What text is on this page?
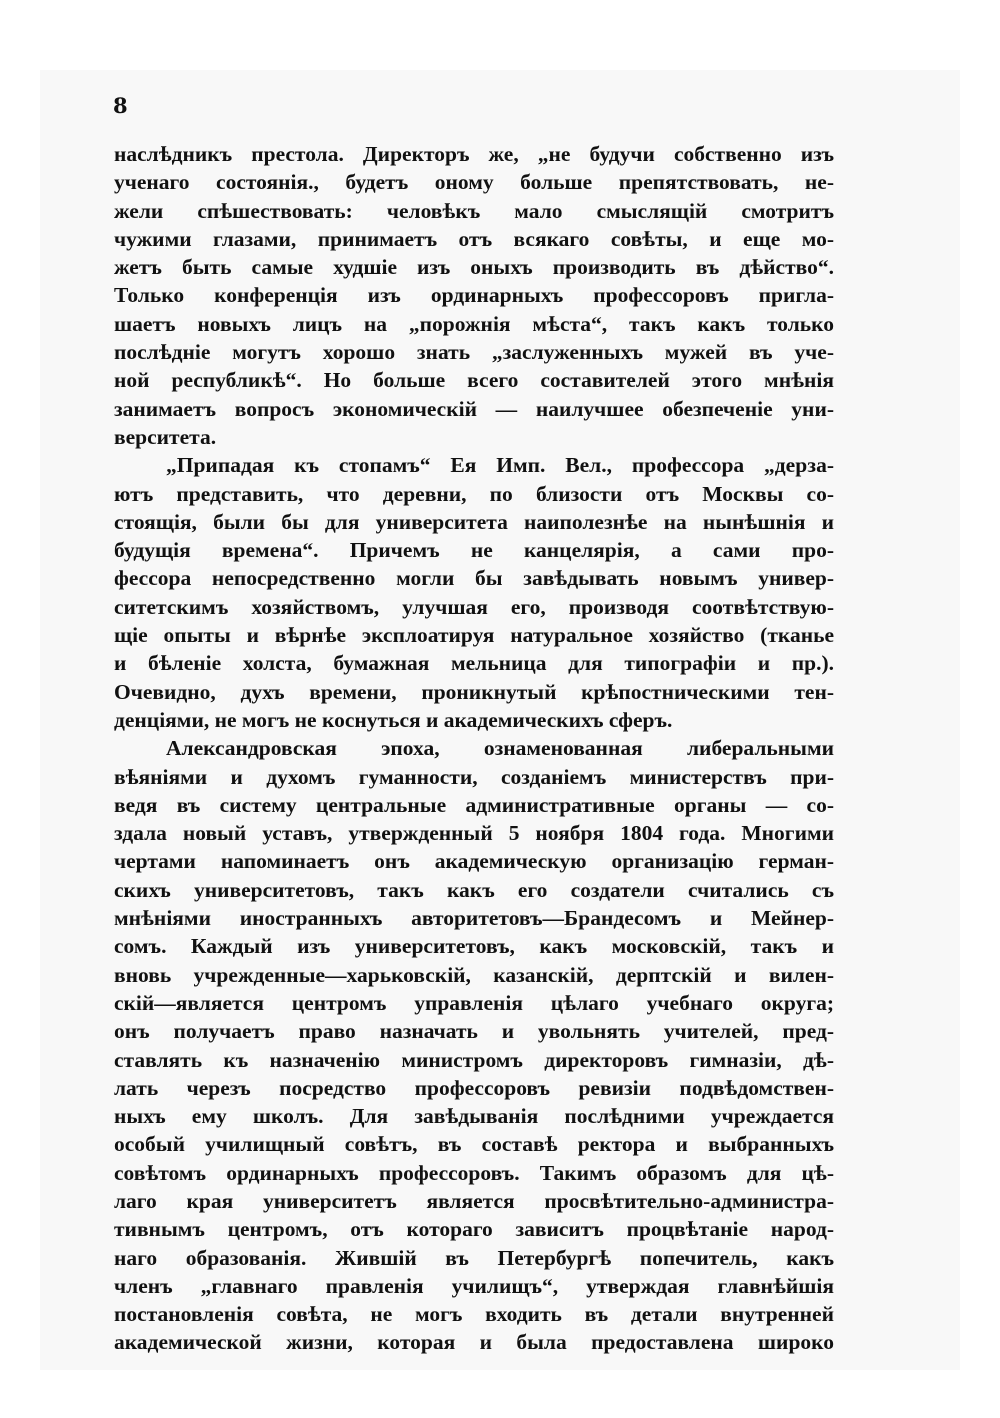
8
наслѣдникъ престола. Директоръ же, „не будучи собственно изъ
ученаго состоянія., будетъ оному больше препятствовать, не-
жели спѣшествовать: человѣкъ мало смыслящій смотритъ
чужими глазами, принимаетъ отъ всякаго совѣты, и еще мо-
жетъ быть самые худшіе изъ оныхъ производить въ дѣйство“.
Только конференція изъ ординарныхъ профессоровъ пригла-
шаетъ новыхъ лицъ на „порожнія мѣста“, такъ какъ только
послѣдніе могутъ хорошо знать „заслуженныхъ мужей въ уче-
ной республикѣ“. Но больше всего составителей этого мнѣнія
занимаетъ вопросъ экономическій — наилучшее обезпеченіе уни-
верситета.
„Припадая къ стопамъ“ Ея Имп. Вел., профессора „дерза-
ютъ представить, что деревни, по близости отъ Москвы со-
стоящія, были бы для университета наиполезнѣе на нынѣшнія и
будущія времена“. Причемъ не канцелярія, а сами про-
фессора непосредственно могли бы завѣдывать новымъ универ-
ситетскимъ хозяйствомъ, улучшая его, производя соотвѣтствую-
щіе опыты и вѣрнѣе эксплоатируя натуральное хозяйство (тканье
и бѣленіе холста, бумажная мельница для типографіи и пр.).
Очевидно, духъ времени, проникнутый крѣпостническими тен-
денціями, не могъ не коснуться и академическихъ сферъ.
Александровская эпоха, ознаменованная либеральными
вѣяніями и духомъ гуманности, созданіемъ министерствъ при-
ведя въ систему центральные административные органы — со-
здала новый уставъ, утвержденный 5 ноября 1804 года. Многими
чертами напоминаетъ онъ академическую организацію герман-
скихъ университетовъ, такъ какъ его создатели считались съ
мнѣніями иностранныхъ авторитетовъ—Брандесомъ и Мейнер-
сомъ. Каждый изъ университетовъ, какъ московскій, такъ и
вновь учрежденные—харьковскій, казанскій, дерптскій и вилен-
скій—является центромъ управленія цѣлаго учебнаго округа;
онъ получаетъ право назначать и увольнять учителей, пред-
ставлять къ назначенію министромъ директоровъ гимназіи, дѣ-
лать черезъ посредство профессоровъ ревизіи подвѣдомствен-
ныхъ ему школъ. Для завѣдыванія послѣдними учреждается
особый училищный совѣтъ, въ составѣ ректора и выбранныхъ
совѣтомъ ординарныхъ профессоровъ. Такимъ образомъ для цѣ-
лаго края университетъ является просвѣтительно-администра-
тивнымъ центромъ, отъ котораго зависитъ процвѣтаніе народ-
наго образованія. Жившій въ Петербургѣ попечитель, какъ
членъ „главнаго правленія училищъ“, утверждая главнѣйшія
постановленія совѣта, не могъ входить въ детали внутренней
академической жизни, которая и была предоставлена широко
